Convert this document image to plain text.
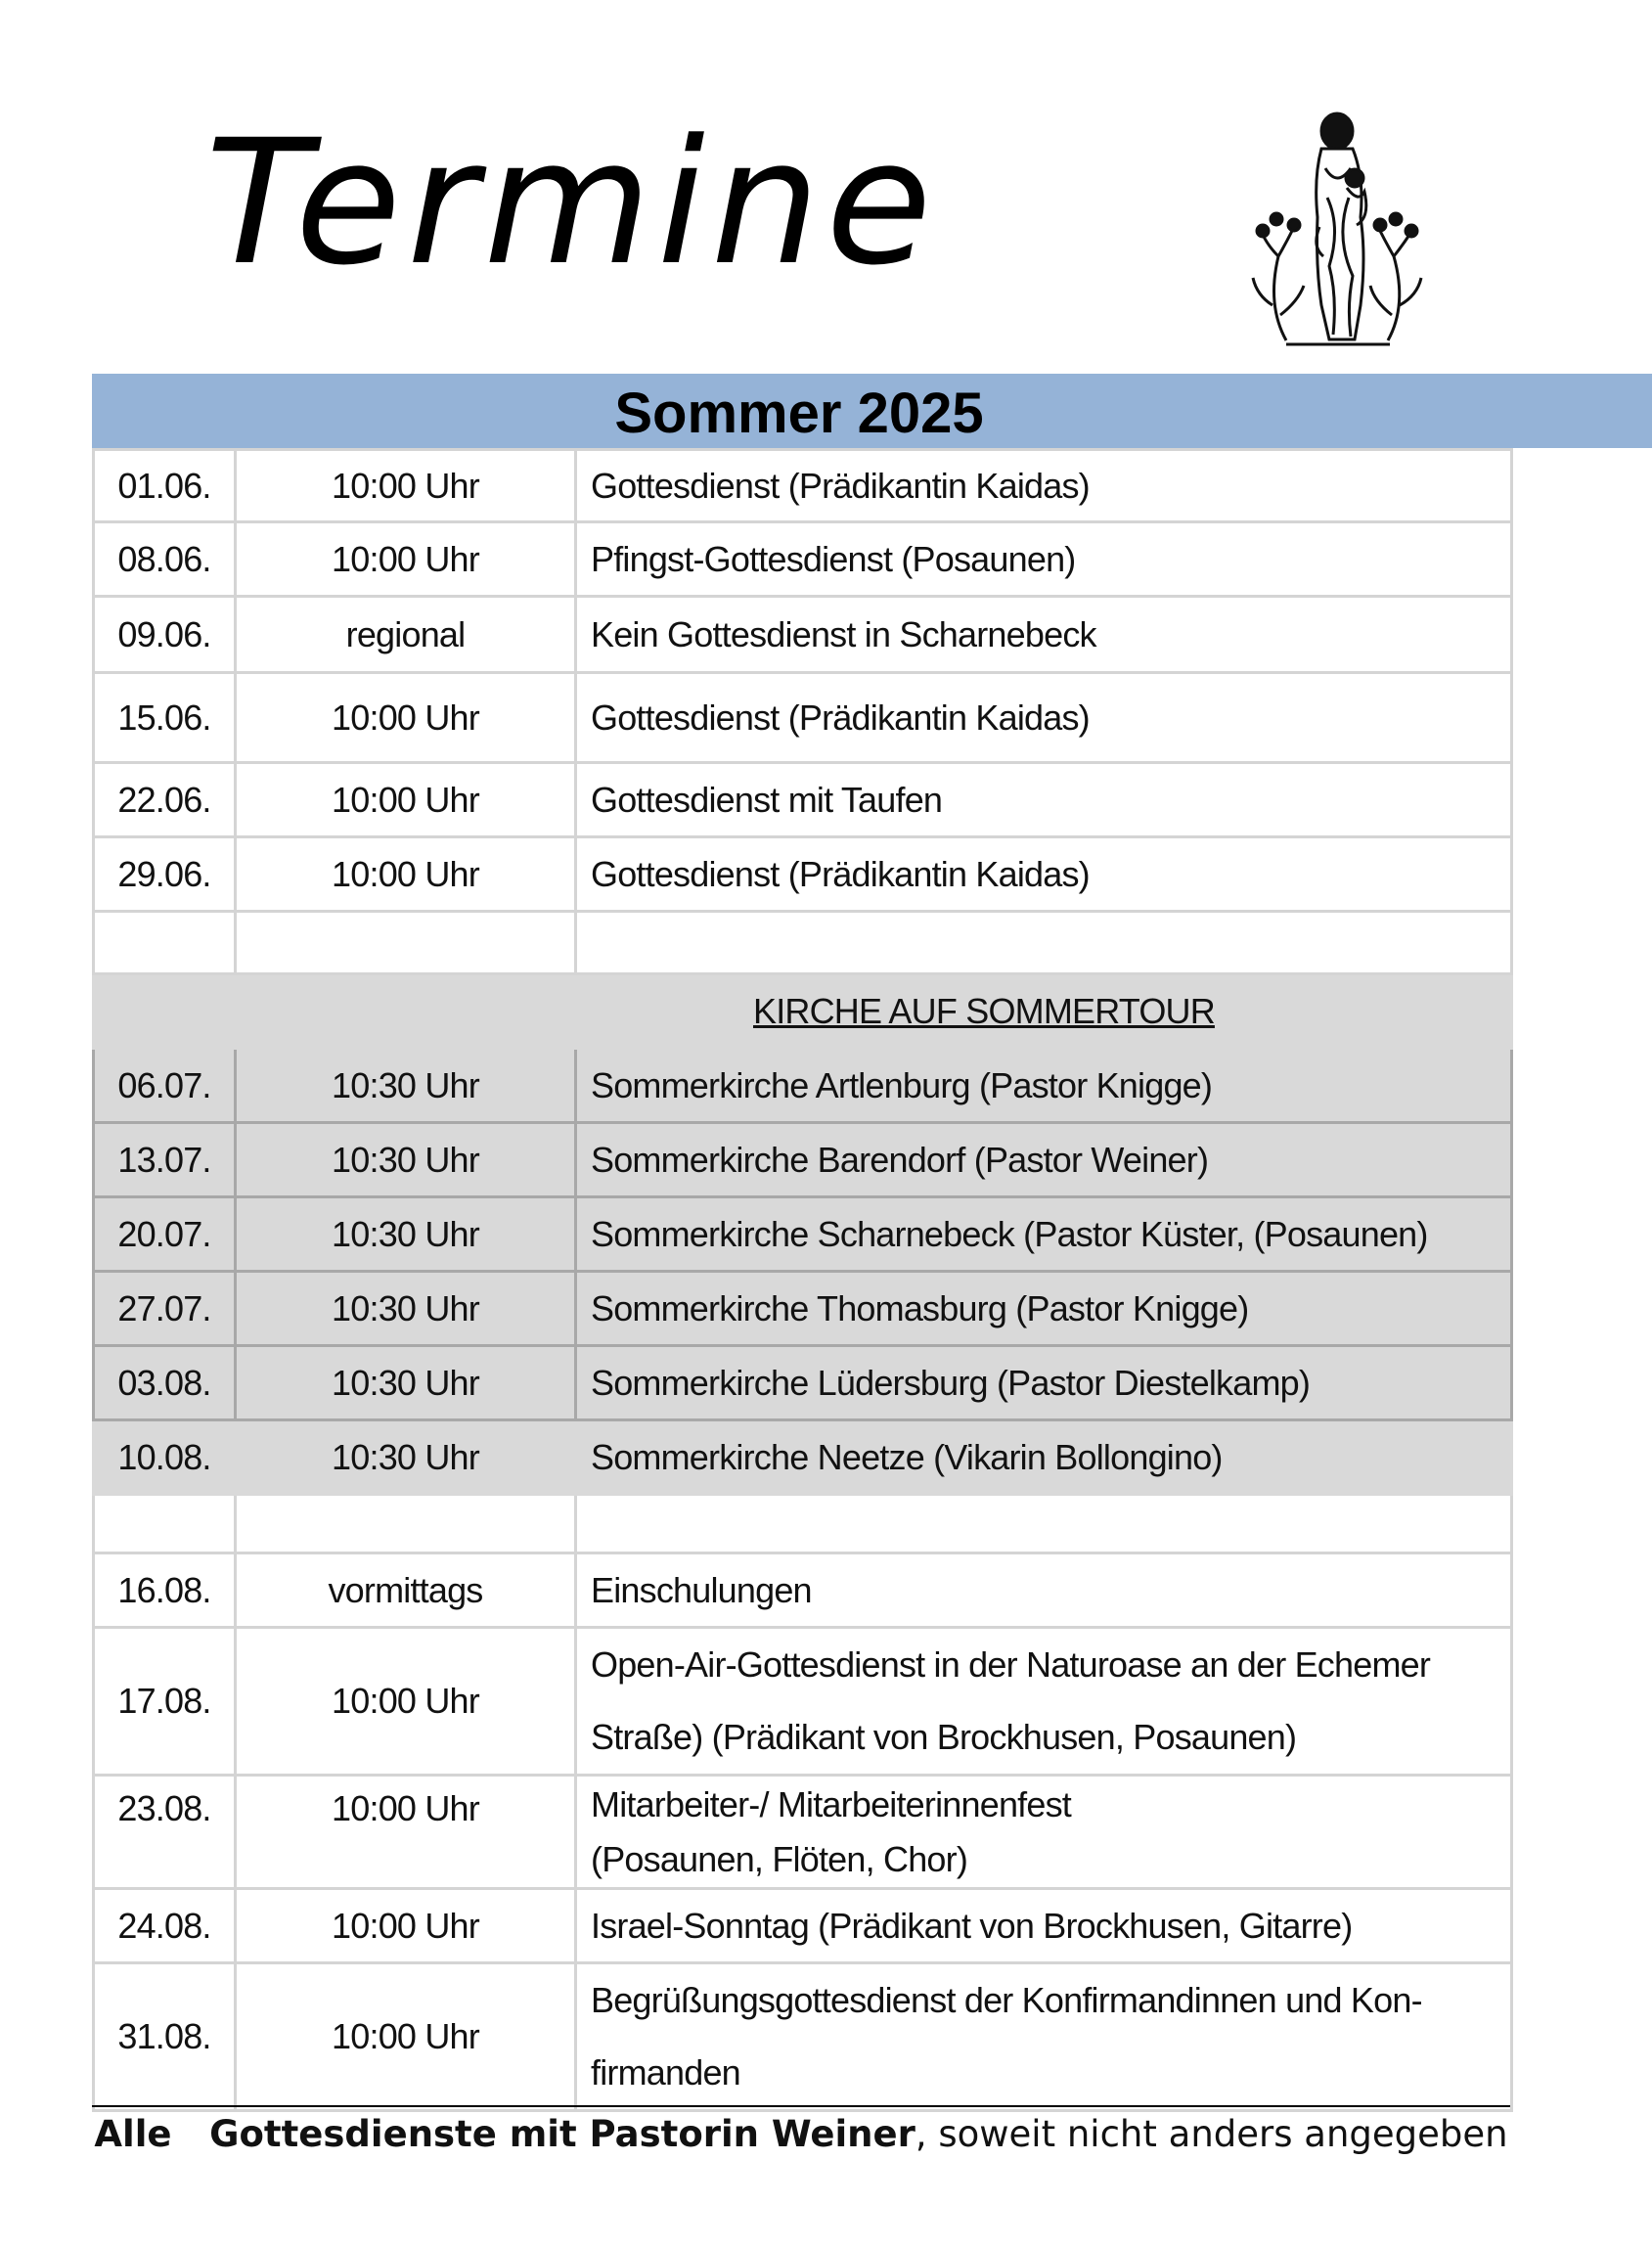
Termine
Sommer 2025
01.06.	10:00 Uhr	Gottesdienst (Prädikantin Kaidas)
08.06.	10:00 Uhr	Pfingst-Gottesdienst (Posaunen)
09.06.	regional	Kein Gottesdienst in Scharnebeck
15.06.	10:00 Uhr	Gottesdienst (Prädikantin Kaidas)
22.06.	10:00 Uhr	Gottesdienst mit Taufen
29.06.	10:00 Uhr	Gottesdienst (Prädikantin Kaidas)

		KIRCHE AUF SOMMERTOUR
06.07.	10:30 Uhr	Sommerkirche Artlenburg (Pastor Knigge)
13.07.	10:30 Uhr	Sommerkirche Barendorf (Pastor Weiner)
20.07.	10:30 Uhr	Sommerkirche Scharnebeck (Pastor Küster, (Posaunen)
27.07.	10:30 Uhr	Sommerkirche Thomasburg (Pastor Knigge)
03.08.	10:30 Uhr	Sommerkirche Lüdersburg (Pastor Diestelkamp)
10.08.	10:30 Uhr	Sommerkirche Neetze (Vikarin Bollongino)

16.08.	vormittags	Einschulungen
17.08.	10:00 Uhr	Open-Air-Gottesdienst in der Naturoase an der Echemer
Straße) (Prädikant von Brockhusen, Posaunen)

23.08.	10:00 Uhr	Mitarbeiter-/ Mitarbeiterinnenfest
(Posaunen, Flöten, Chor)

24.08.	10:00 Uhr	Israel-Sonntag (Prädikant von Brockhusen, Gitarre)
31.08.	10:00 Uhr	Begrüßungsgottesdienst der Konfirmandinnen und Kon-
firmanden
Alle   Gottesdienste mit Pastorin Weiner, soweit nicht anders angegeben
